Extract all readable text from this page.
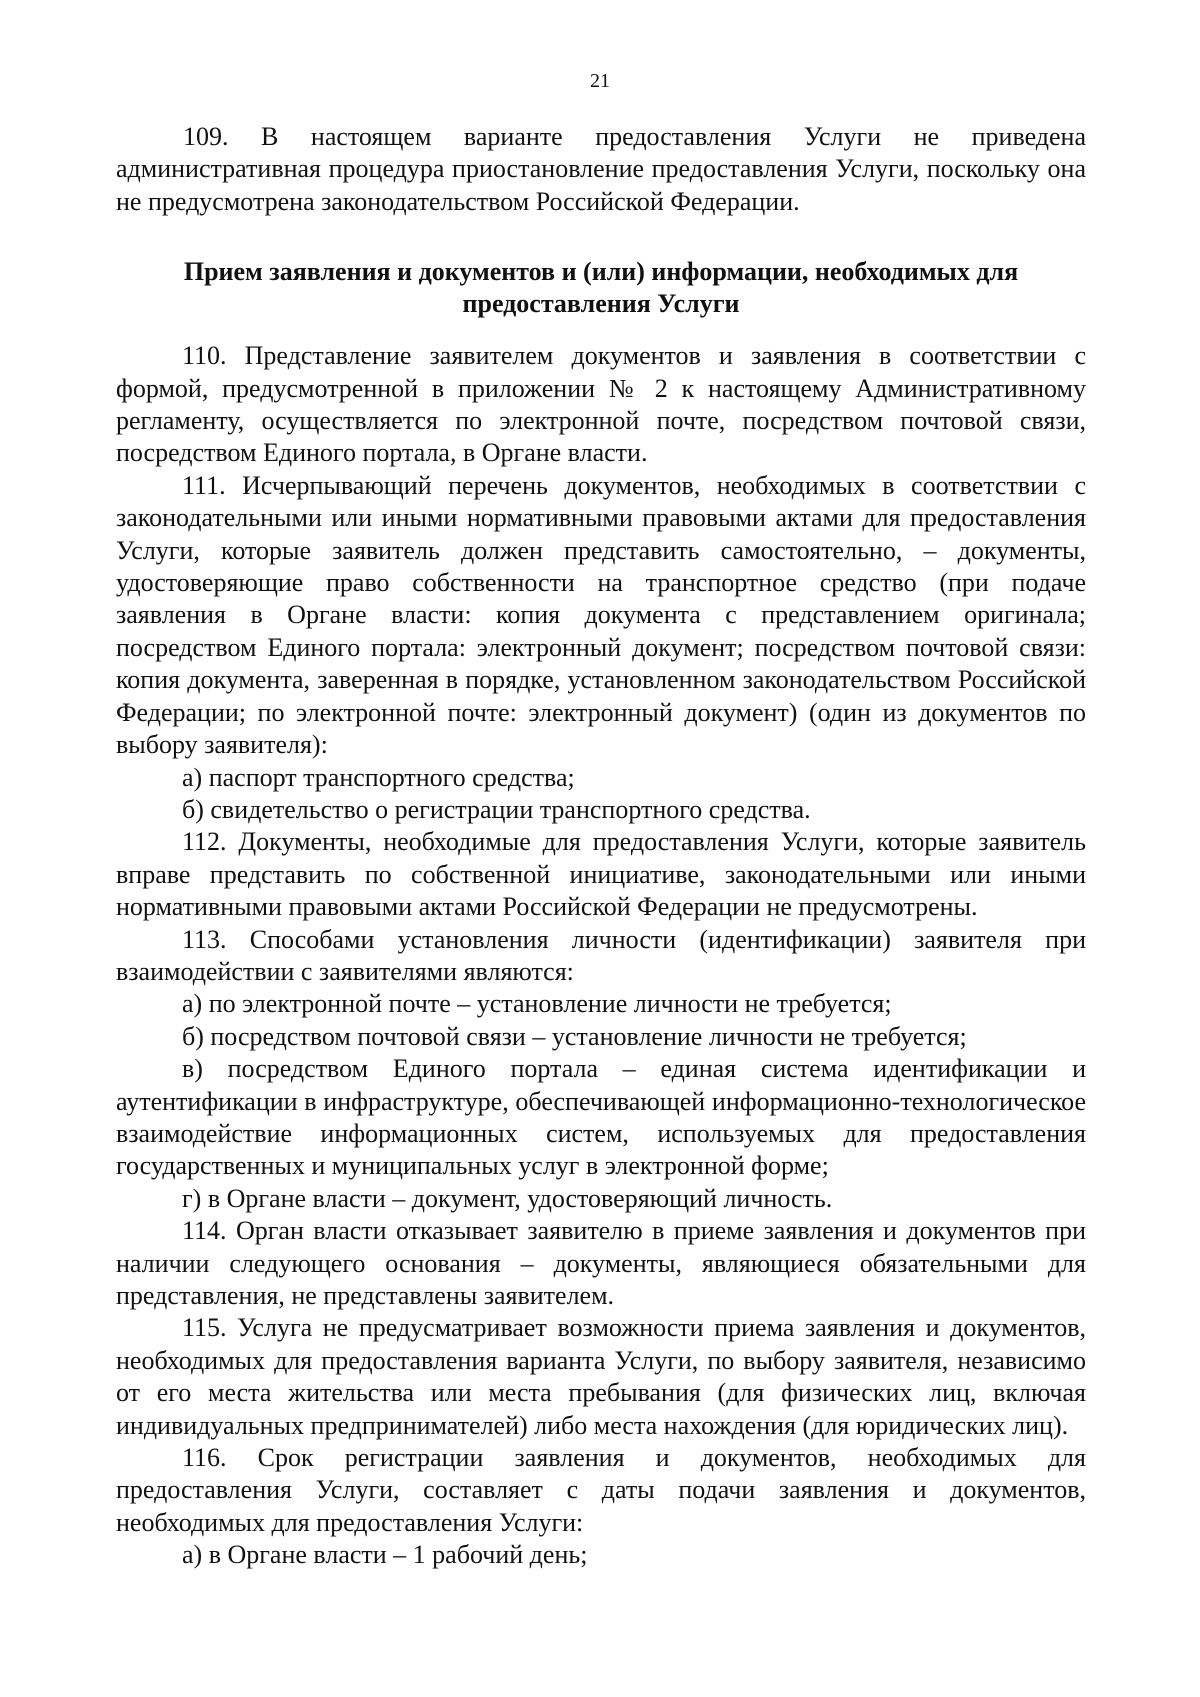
21

109. В настоящем варианте предоставления Услуги не приведена административная процедура приостановление предоставления Услуги, поскольку она не предусмотрена законодательством Российской Федерации.

Прием заявления и документов и (или) информации, необходимых для предоставления Услуги

110. Представление заявителем документов и заявления в соответствии с формой, предусмотренной в приложении № 2 к настоящему Административному регламенту, осуществляется по электронной почте, посредством почтовой связи, посредством Единого портала, в Органе власти.

111. Исчерпывающий перечень документов, необходимых в соответствии с законодательными или иными нормативными правовыми актами для предоставления Услуги, которые заявитель должен представить самостоятельно, – документы, удостоверяющие право собственности на транспортное средство (при подаче заявления в Органе власти: копия документа с представлением оригинала; посредством Единого портала: электронный документ; посредством почтовой связи: копия документа, заверенная в порядке, установленном законодательством Российской Федерации; по электронной почте: электронный документ) (один из документов по выбору заявителя):

а) паспорт транспортного средства;

б) свидетельство о регистрации транспортного средства.

112. Документы, необходимые для предоставления Услуги, которые заявитель вправе представить по собственной инициативе, законодательными или иными нормативными правовыми актами Российской Федерации не предусмотрены.

113. Способами установления личности (идентификации) заявителя при взаимодействии с заявителями являются:

а) по электронной почте – установление личности не требуется;

б) посредством почтовой связи – установление личности не требуется;

в) посредством Единого портала – единая система идентификации и аутентификации в инфраструктуре, обеспечивающей информационно-технологическое взаимодействие информационных систем, используемых для предоставления государственных и муниципальных услуг в электронной форме;

г) в Органе власти – документ, удостоверяющий личность.

114. Орган власти отказывает заявителю в приеме заявления и документов при наличии следующего основания – документы, являющиеся обязательными для представления, не представлены заявителем.

115. Услуга не предусматривает возможности приема заявления и документов, необходимых для предоставления варианта Услуги, по выбору заявителя, независимо от его места жительства или места пребывания (для физических лиц, включая индивидуальных предпринимателей) либо места нахождения (для юридических лиц).

116. Срок регистрации заявления и документов, необходимых для предоставления Услуги, составляет с даты подачи заявления и документов, необходимых для предоставления Услуги:

а) в Органе власти – 1 рабочий день;
